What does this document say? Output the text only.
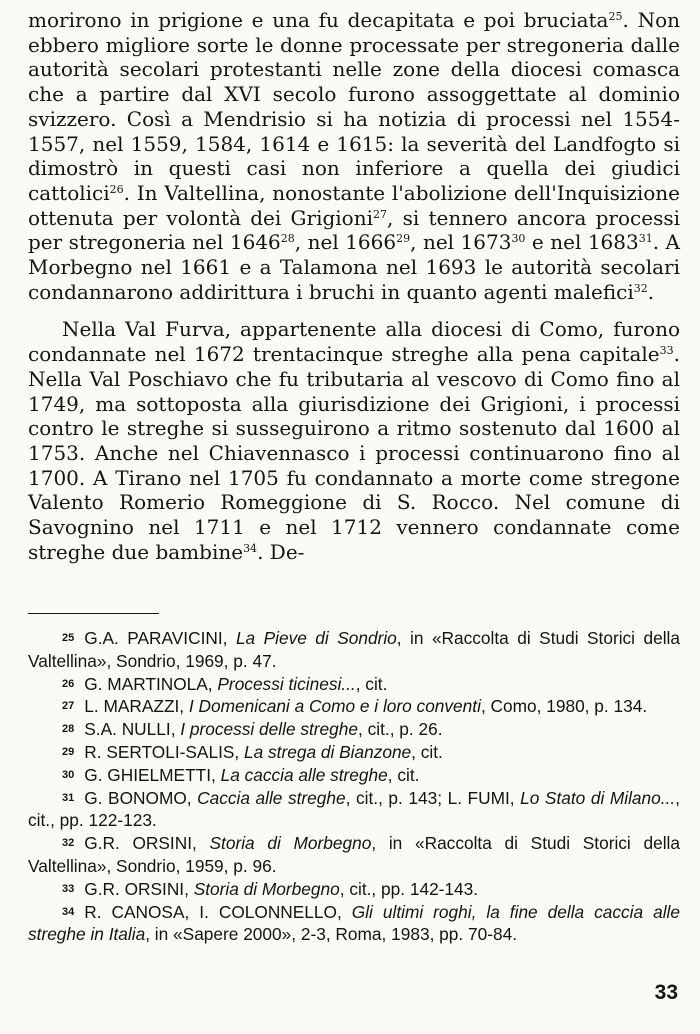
morirono in prigione e una fu decapitata e poi bruciata$^{25}$. Non ebbero migliore sorte le donne processate per stregoneria dalle autorità secolari protestanti nelle zone della diocesi comasca che a partire dal XVI secolo furono assoggettate al dominio svizzero. Così a Mendrisio si ha notizia di processi nel 1554-1557, nel 1559, 1584, 1614 e 1615: la severità del Landfogto si dimostrò in questi casi non inferiore a quella dei giudici cattolici$^{26}$. In Valtellina, nonostante l'abolizione dell'Inquisizione ottenuta per volontà dei Grigioni$^{27}$, si tennero ancora processi per stregoneria nel 1646$^{28}$, nel 1666$^{29}$, nel 1673$^{30}$ e nel 1683$^{31}$. A Morbegno nel 1661 e a Talamona nel 1693 le autorità secolari condannarono addirittura i bruchi in quanto agenti malefici$^{32}$.

Nella Val Furva, appartenente alla diocesi di Como, furono condannate nel 1672 trentacinque streghe alla pena capitale$^{33}$. Nella Val Poschiavo che fu tributaria al vescovo di Como fino al 1749, ma sottoposta alla giurisdizione dei Grigioni, i processi contro le streghe si susseguirono a ritmo sostenuto dal 1600 al 1753. Anche nel Chiavennasco i processi continuarono fino al 1700. A Tirano nel 1705 fu condannato a morte come stregone Valento Romerio Romeggione di S. Rocco. Nel comune di Savognino nel 1711 e nel 1712 vennero condannate come streghe due bambine$^{34}$. De-

25 G.A. PARAVICINI, La Pieve di Sondrio, in «Raccolta di Studi Storici della Valtellina», Sondrio, 1969, p. 47.

26 G. MARTINOLA, Processi ticinesi..., cit.

27 L. MARAZZI, I Domenicani a Como e i loro conventi, Como, 1980, p. 134.

28 S.A. NULLI, I processi delle streghe, cit., p. 26.

29 R. SERTOLI-SALIS, La strega di Bianzone, cit.

30 G. GHIELMETTI, La caccia alle streghe, cit.

31 G. BONOMO, Caccia alle streghe, cit., p. 143; L. FUMI, Lo Stato di Milano..., cit., pp. 122-123.

32 G.R. ORSINI, Storia di Morbegno, in «Raccolta di Studi Storici della Valtellina», Sondrio, 1959, p. 96.

33 G.R. ORSINI, Storia di Morbegno, cit., pp. 142-143.

34 R. CANOSA, I. COLONNELLO, Gli ultimi roghi, la fine della caccia alle streghe in Italia, in «Sapere 2000», 2-3, Roma, 1983, pp. 70-84.

33
